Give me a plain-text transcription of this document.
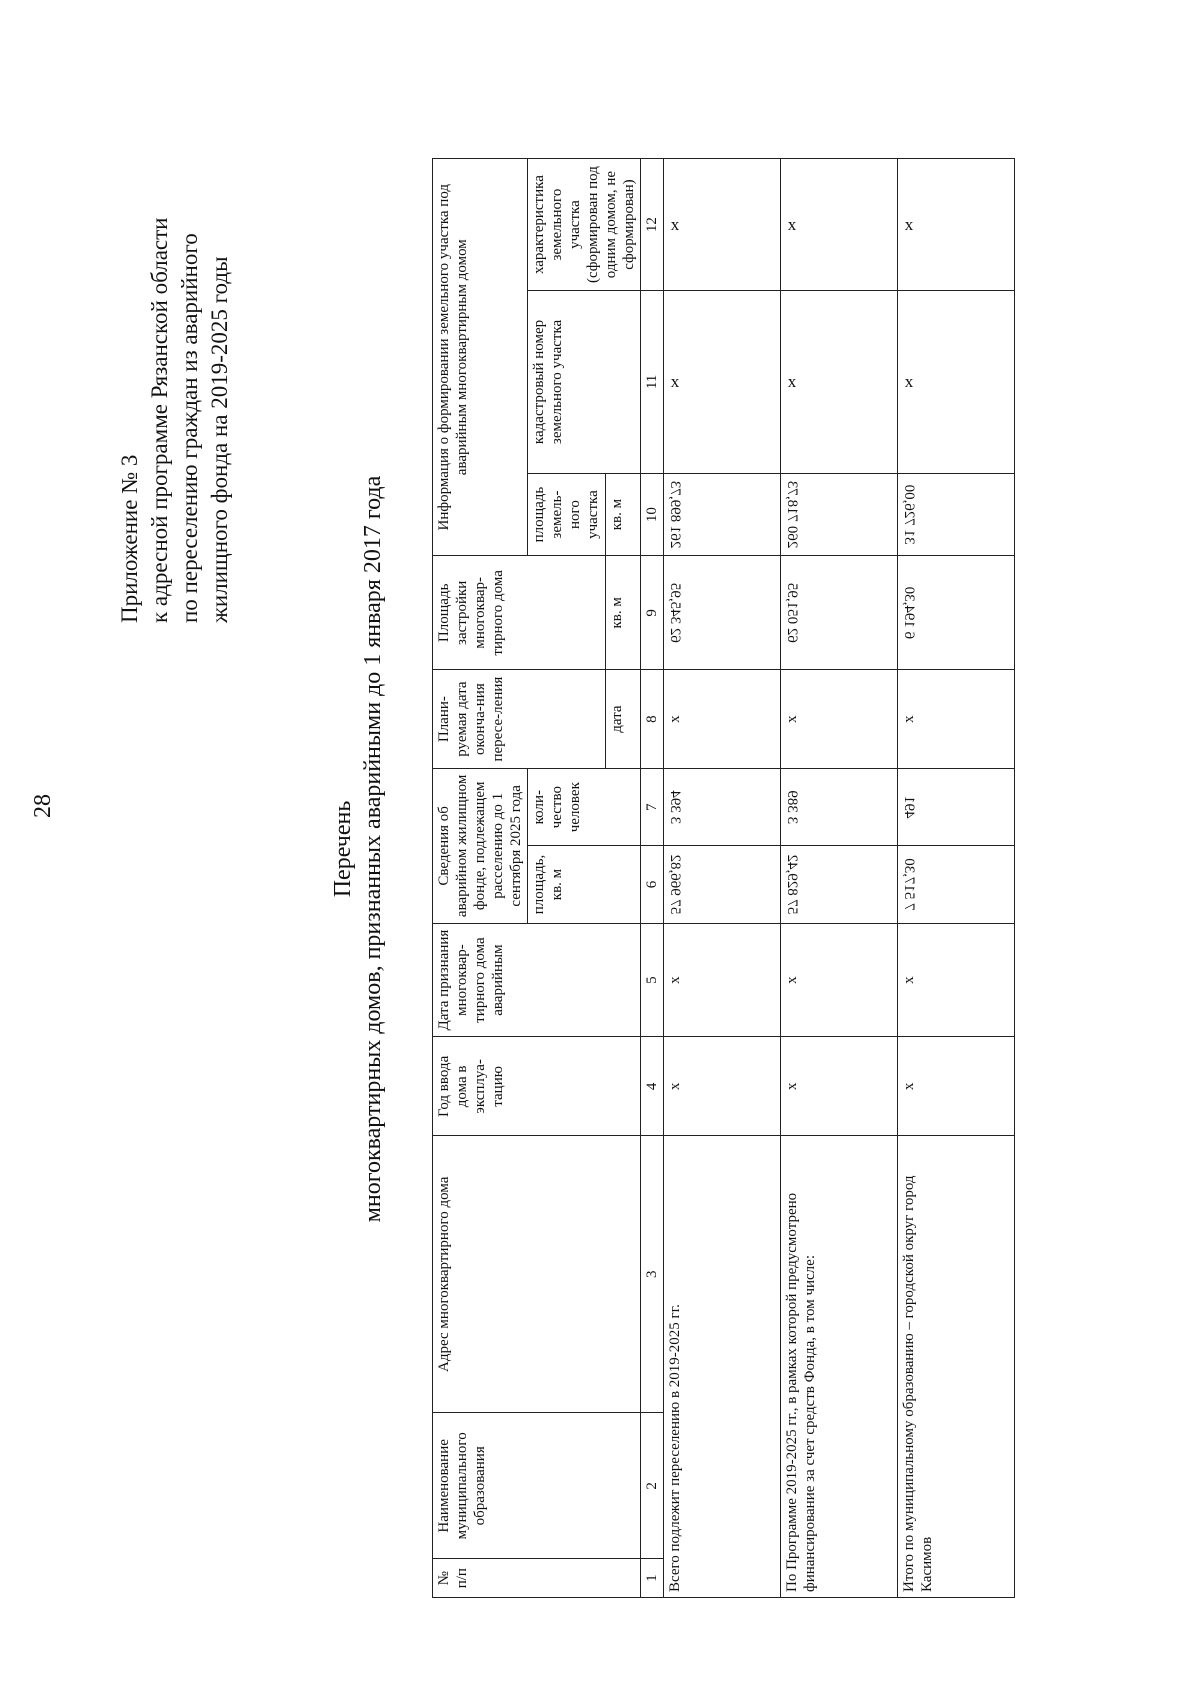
28
Приложение № 3 к адресной программе Рязанской области по переселению граждан из аварийного жилищного фонда на 2019-2025 годы
Перечень многоквартирных домов, признанных аварийными до 1 января 2017 года
№ п/п	Наименование муниципального образования	Адрес многоквартирного дома	Год ввода дома в эксплуа-тацию	Дата признания многоквар-тирного дома аварийным	Сведения об аварийном жилищном фонде, подлежащем расселению до 1 сентября 2025 года		Плани-руемая дата оконча-ния пересе-ления	Площадь застройки многоквар-тирного дома	Информация о формировании земельного участка под аварийным многоквартирным домом		
					площадь, кв. м	коли-чество человек			площадь земель-ного участка	кадастровый номер земельного участка	характеристика земельного участка (сформирован под одним домом, не сформирован)
							дата	кв. м	кв. м		
1	2	3	4	5	6	7	8	9	10	11	12
Всего подлежит переселению в 2019-2025 гг.			x	x	57 966,82	3 394	x	62 345,95	261 899,73	x	x
По Программе 2019-2025 гг., в рамках которой предусмотрено финансирование за счет средств Фонда, в том числе:			x	x	57 829,42	3 389	x	62 051,95	260 718,73	x	x
Итого по муниципальному образованию – городской округ город Касимов			x	x	7 517,30	491	x	6 194,30	31 726,00	x	x
